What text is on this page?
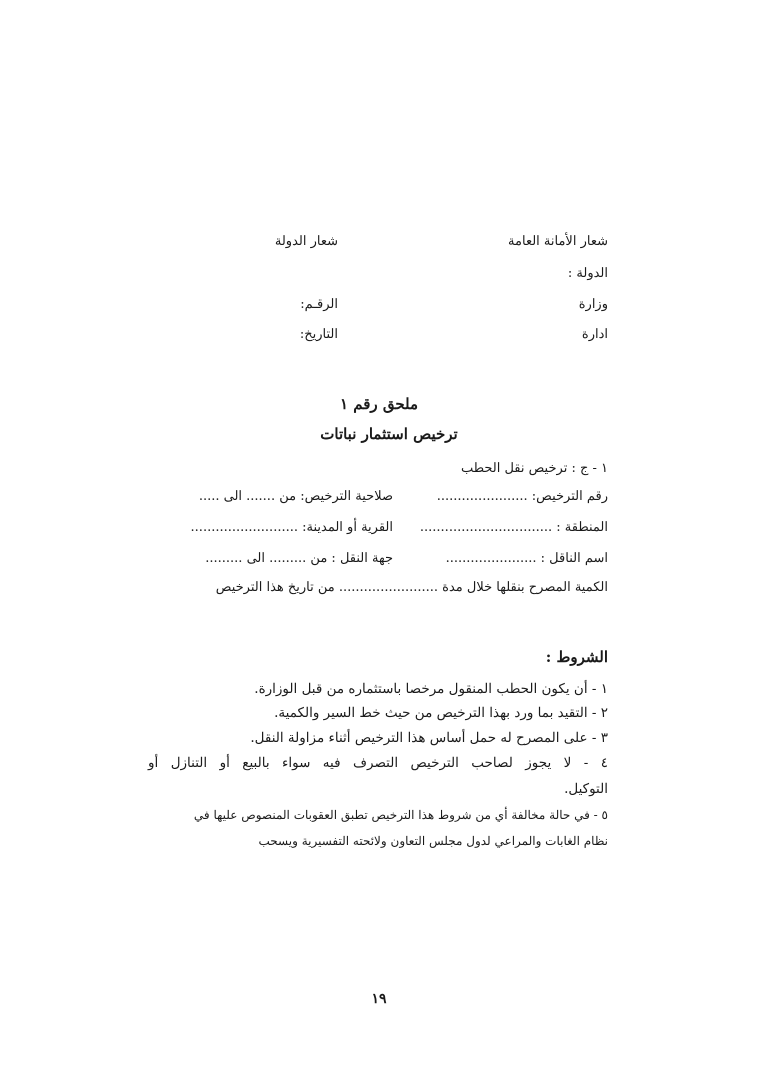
شعار الأمانة العامة
شعار الدولة
الدولة :
وزارة
الرقـم:
ادارة
التاريخ:
ملحق رقم ١
ترخيص استثمار نباتات
١ - ج : ترخيص نقل الحطب
رقم الترخيص: ......................
صلاحية الترخيص: من ....... الى .....
المنطقة : ................................
القرية أو المدينة: ..........................
اسم الناقل : ......................
جهة النقل : من ......... الى .........
الكمية المصرح بنقلها خلال مدة ........................ من تاريخ هذا الترخيص
الشروط :
١ - أن يكون الحطب المنقول مرخصا باستثماره من قبل الوزارة.
٢ - التقيد بما ورد بهذا الترخيص من حيث خط السير والكمية.
٣ - على المصرح له حمل أساس هذا الترخيص أثناء مزاولة النقل.
٤ - لا يجوز لصاحب الترخيص التصرف فيه سواء بالبيع أو التنازل أو
التوكيل.
٥ - في حالة مخالفة أي من شروط هذا الترخيص تطبق العقوبات المنصوص عليها في
نظام الغابات والمراعي لدول مجلس التعاون ولائحته التفسيرية ويسحب
١٩
